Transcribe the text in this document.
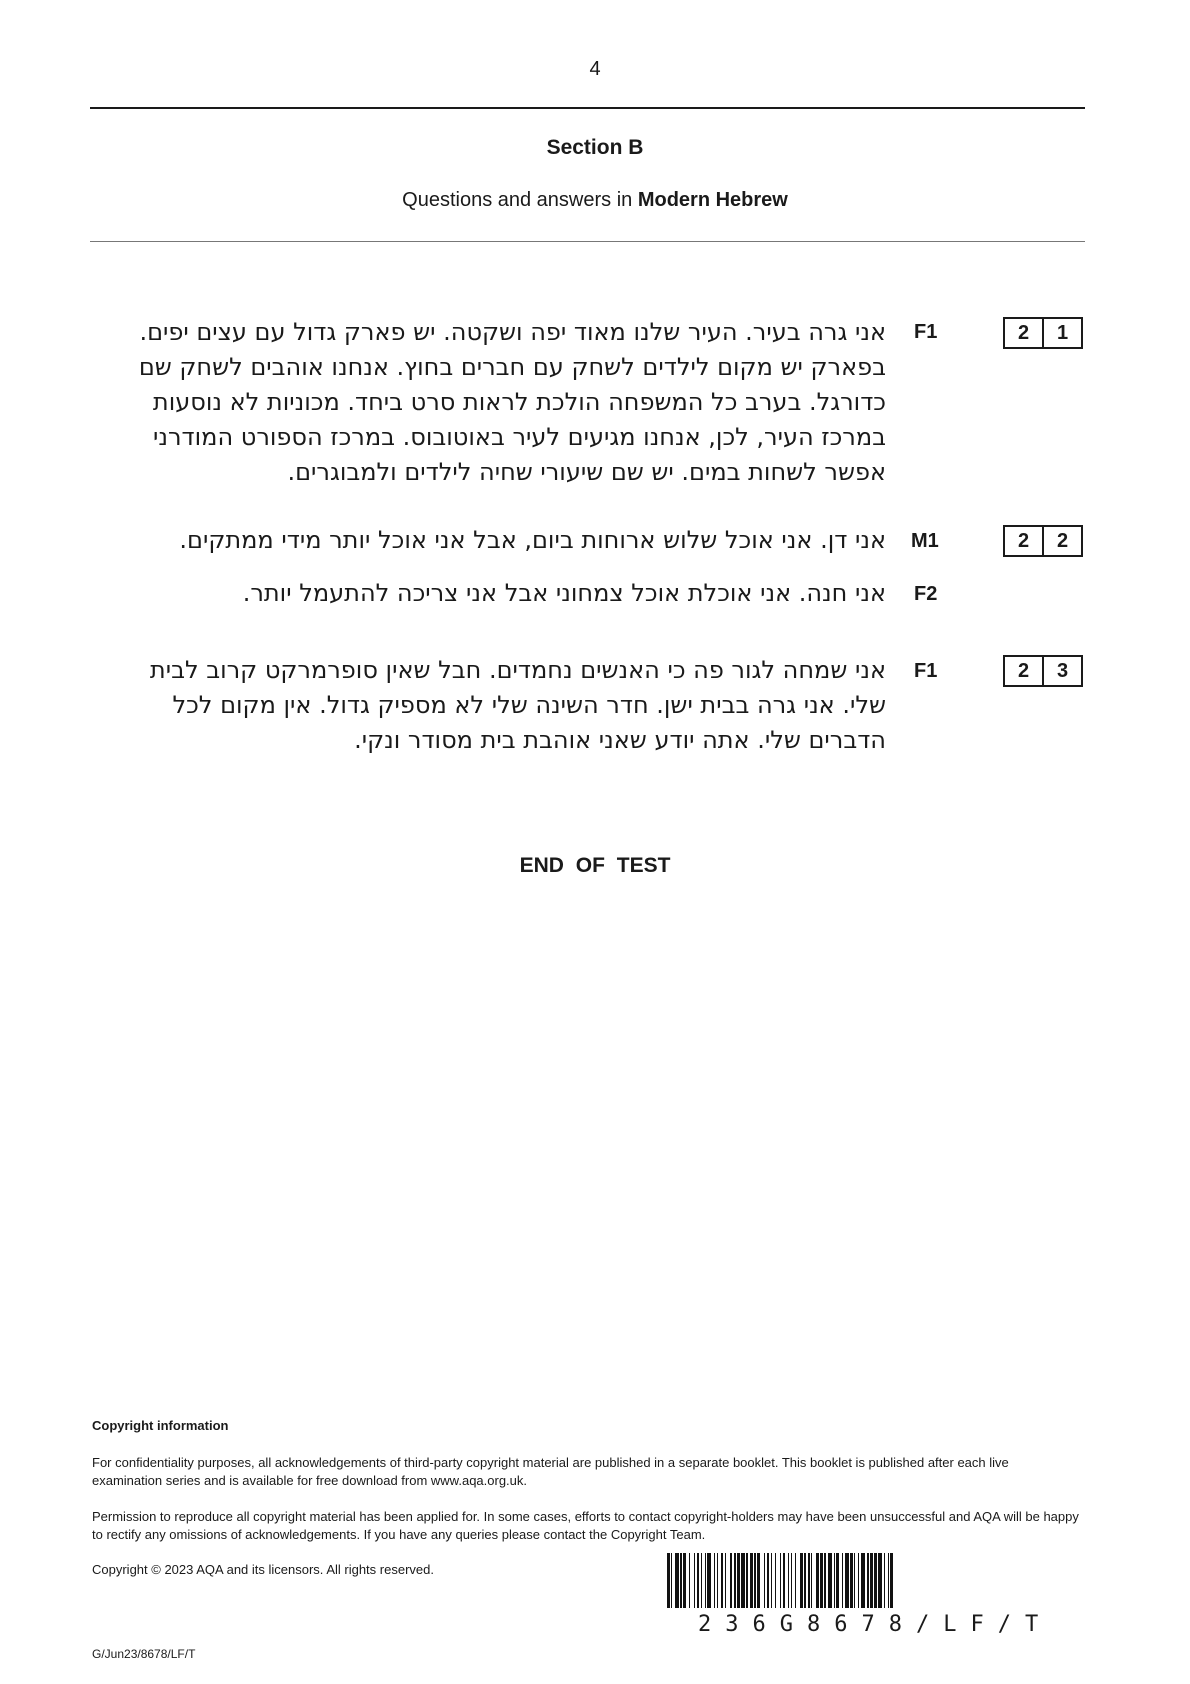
4
Section B
Questions and answers in Modern Hebrew
2	1
F1
אני גרה בעיר. העיר שלנו מאוד יפה ושקטה. יש פארק גדול עם עצים יפים.
בפארק יש מקום לילדים לשחק עם חברים בחוץ. אנחנו אוהבים לשחק שם
כדורגל. בערב כל המשפחה הולכת לראות סרט ביחד. מכוניות לא נוסעות
במרכז העיר, לכן, אנחנו מגיעים לעיר באוטובוס. במרכז הספורט המודרני
אפשר לשחות במים. יש שם שיעורי שחיה לילדים ולמבוגרים.
2	2
M1
אני דן. אני אוכל שלוש ארוחות ביום, אבל אני אוכל יותר מידי ממתקים.
F2
אני חנה. אני אוכלת אוכל צמחוני אבל אני צריכה להתעמל יותר.
2	3
F1
אני שמחה לגור פה כי האנשים נחמדים. חבל שאין סופרמרקט קרוב לבית
שלי. אני גרה בבית ישן. חדר השינה שלי לא מספיק גדול. אין מקום לכל
הדברים שלי. אתה יודע שאני אוהבת בית מסודר ונקי.
END OF TEST
Copyright information
For confidentiality purposes, all acknowledgements of third-party copyright material are published in a separate booklet. This booklet is published after each live examination series and is available for free download from www.aqa.org.uk.
Permission to reproduce all copyright material has been applied for. In some cases, efforts to contact copyright-holders may have been unsuccessful and AQA will be happy to rectify any omissions of acknowledgements. If you have any queries please contact the Copyright Team.
Copyright © 2023 AQA and its licensors. All rights reserved.
G/Jun23/8678/LF/T
236G8678/LF/T
